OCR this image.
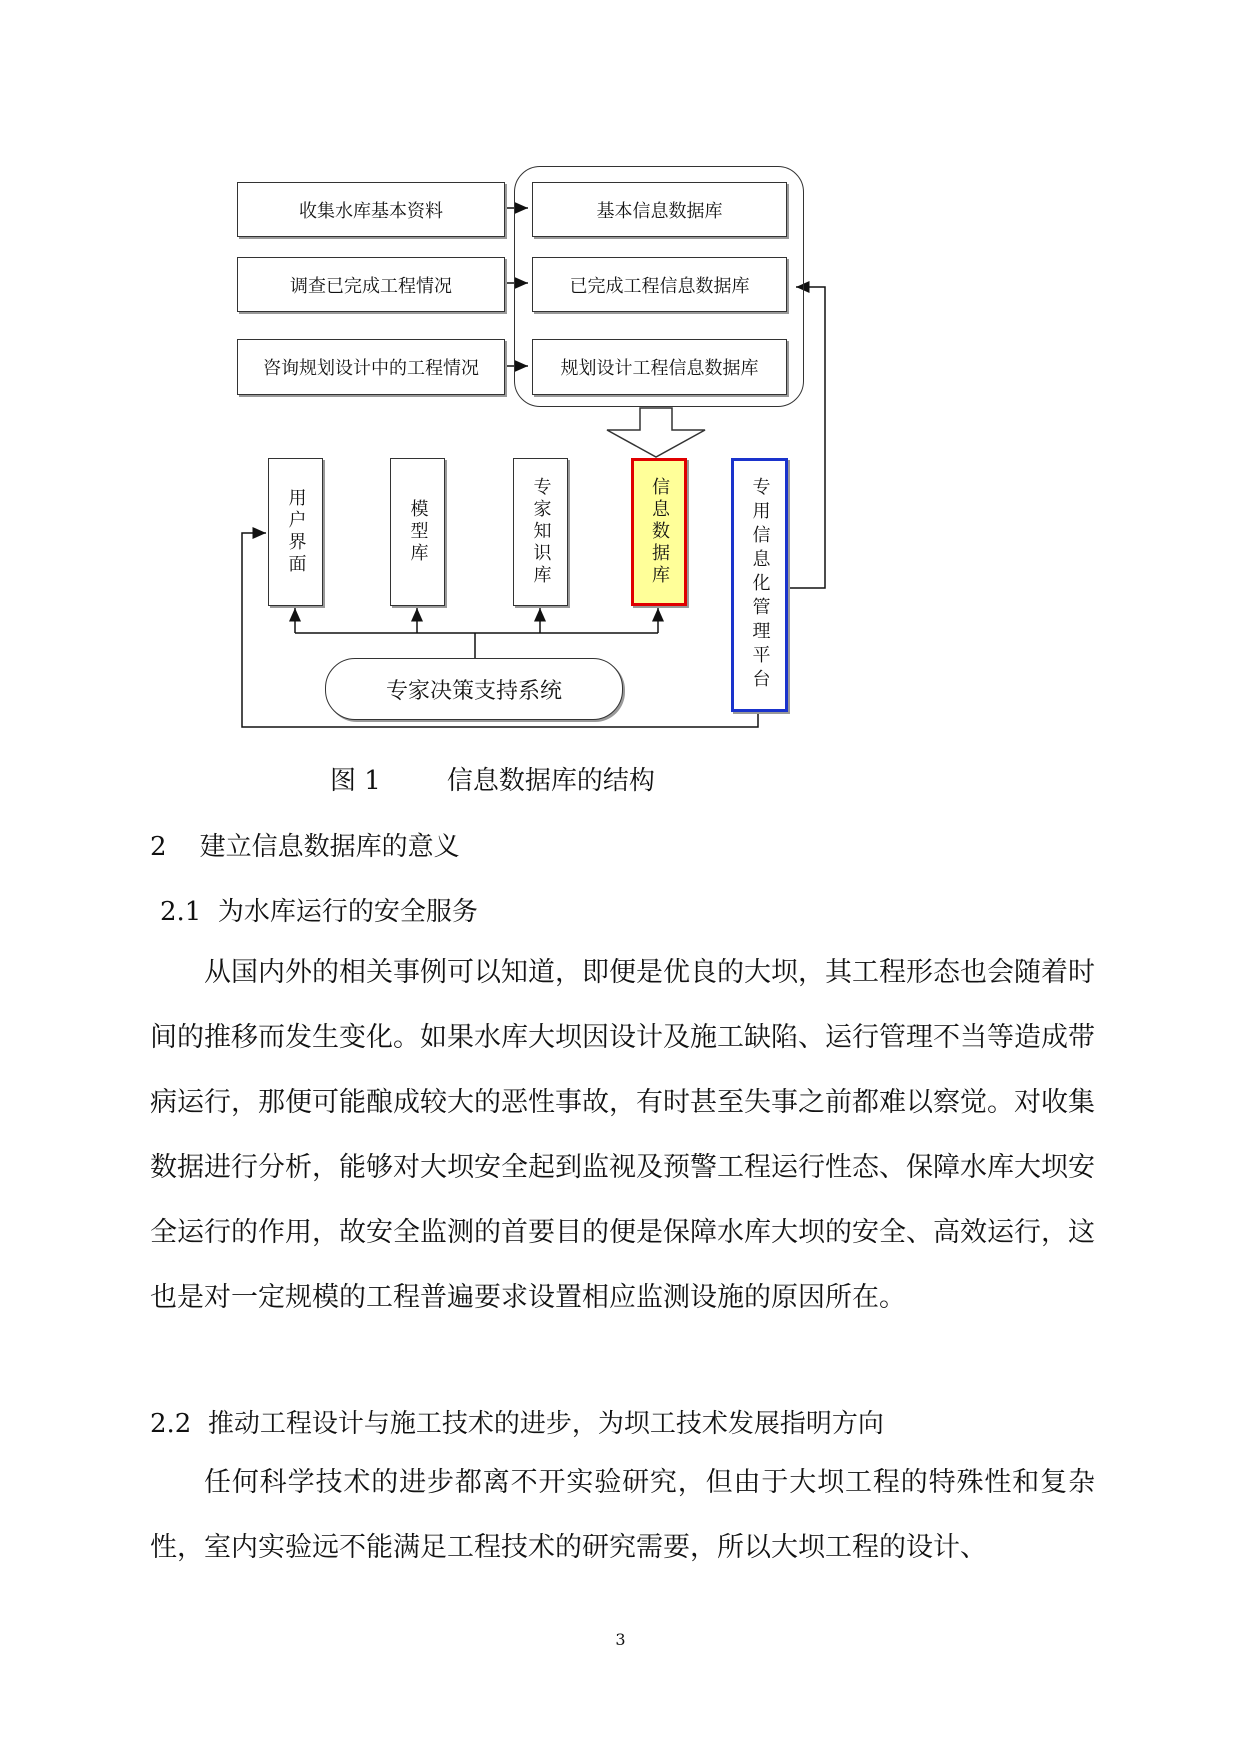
收集水库基本资料
调查已完成工程情况
咨询规划设计中的工程情况
基本信息数据库
已完成工程信息数据库
规划设计工程信息数据库
用户界面	模型库	专家知识库	信息数据库	专用信息化管理平台
专家决策支持系统
图 1        信息数据库的结构
2    建立信息数据库的意义
2.1  为水库运行的安全服务

从国内外的相关事例可以知道，即便是优良的大坝，其工程形态也会随着时间的推移而发生变化。如果水库大坝因设计及施工缺陷、运行管理不当等造成带病运行，那便可能酿成较大的恶性事故，有时甚至失事之前都难以察觉。对收集数据进行分析，能够对大坝安全起到监视及预警工程运行性态、保障水库大坝安全运行的作用，故安全监测的首要目的便是保障水库大坝的安全、高效运行，这也是对一定规模的工程普遍要求设置相应监测设施的原因所在。

2.2  推动工程设计与施工技术的进步，为坝工技术发展指明方向

任何科学技术的进步都离不开实验研究，但由于大坝工程的特殊性和复杂性，室内实验远不能满足工程技术的研究需要，所以大坝工程的设计、

3
